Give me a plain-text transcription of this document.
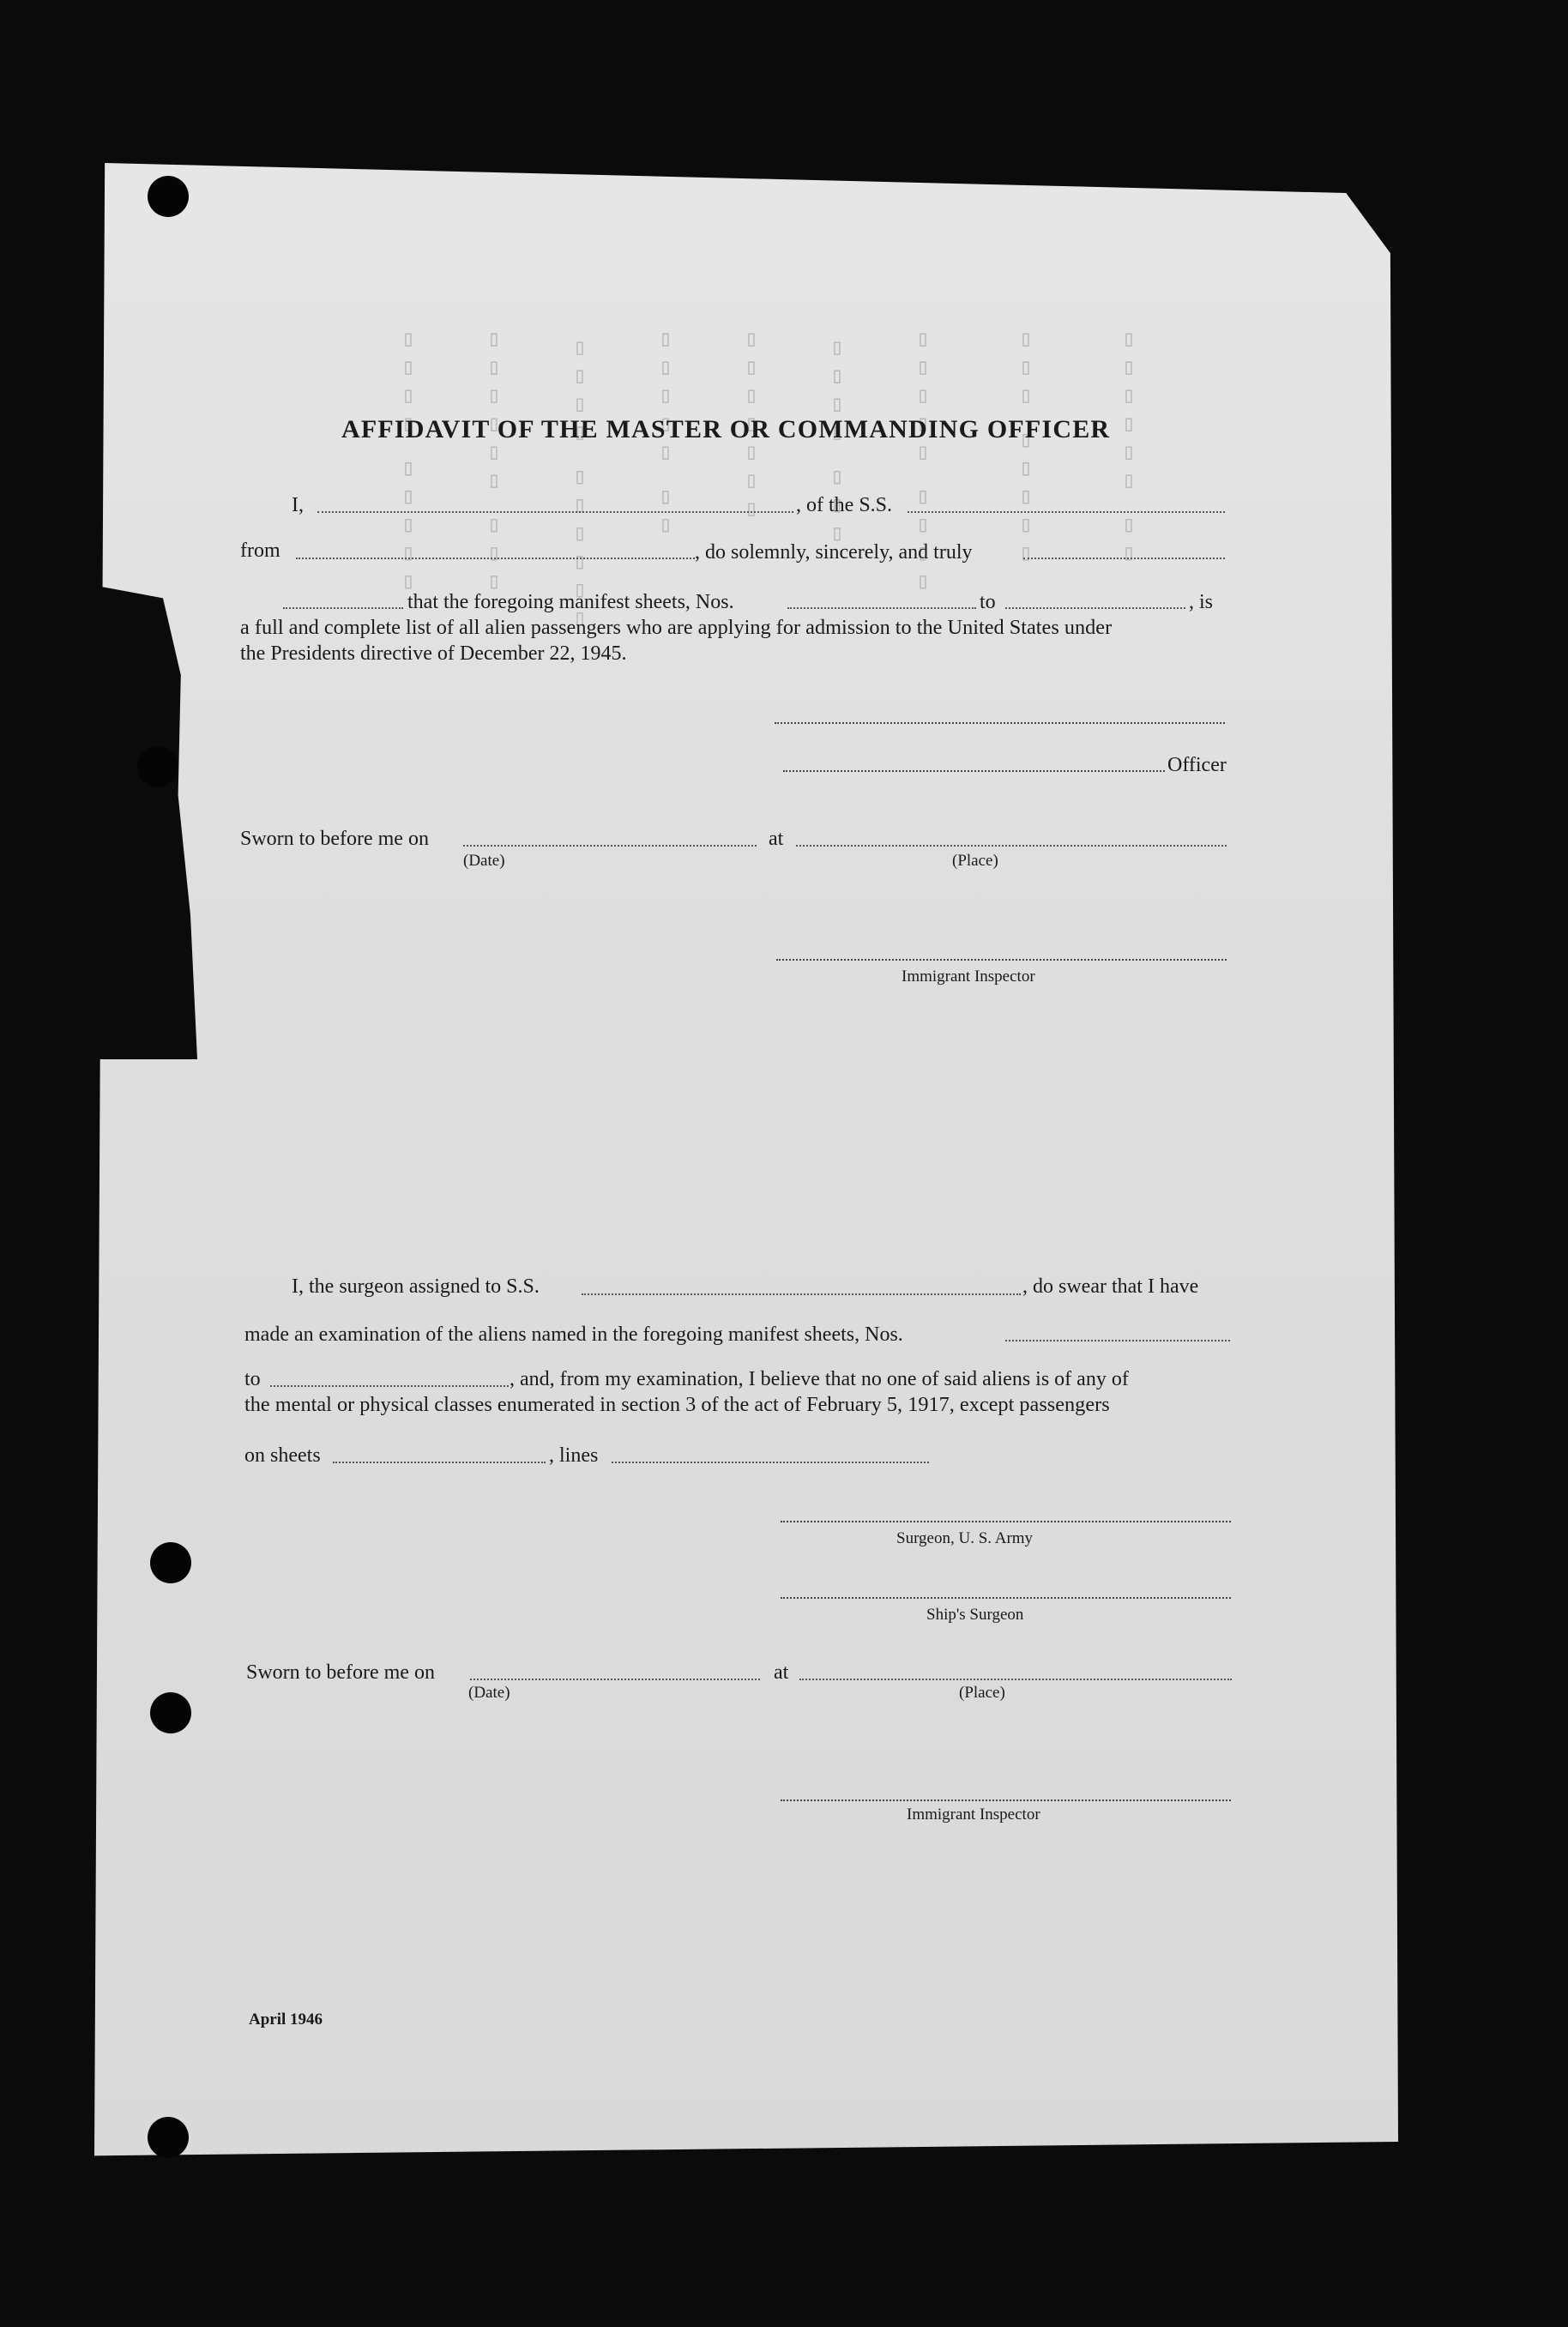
▯▯▯▯ ▯▯▯▯▯	▯▯▯▯▯▯ ▯▯▯	▯▯▯▯ ▯▯▯▯▯▯	▯▯▯▯▯ ▯▯	▯▯▯▯▯▯▯	▯▯▯▯ ▯▯▯	▯▯▯▯▯ ▯▯▯▯	▯▯▯ ▯▯▯▯▯	▯▯▯▯▯▯ ▯▯
AFFIDAVIT OF THE MASTER OR COMMANDING OFFICER
I,	, of the S.S.
from	, do solemnly, sincerely, and truly
that the foregoing manifest sheets, Nos.	to	, is
a full and complete list of all alien passengers who are applying for admission to the United States under
the Presidents directive of December 22, 1945.
Officer
Sworn to before me on	at
(Date)	(Place)
Immigrant Inspector
I, the surgeon assigned to S.S.	, do swear that I have
made an examination of the aliens named in the foregoing manifest sheets, Nos.
to	, and, from my examination, I believe that no one of said aliens is of any of
the mental or physical classes enumerated in section 3 of the act of February 5, 1917, except passengers
on sheets	, lines
Surgeon, U. S. Army
Ship's Surgeon
Sworn to before me on	at
(Date)	(Place)
Immigrant Inspector
April 1946
